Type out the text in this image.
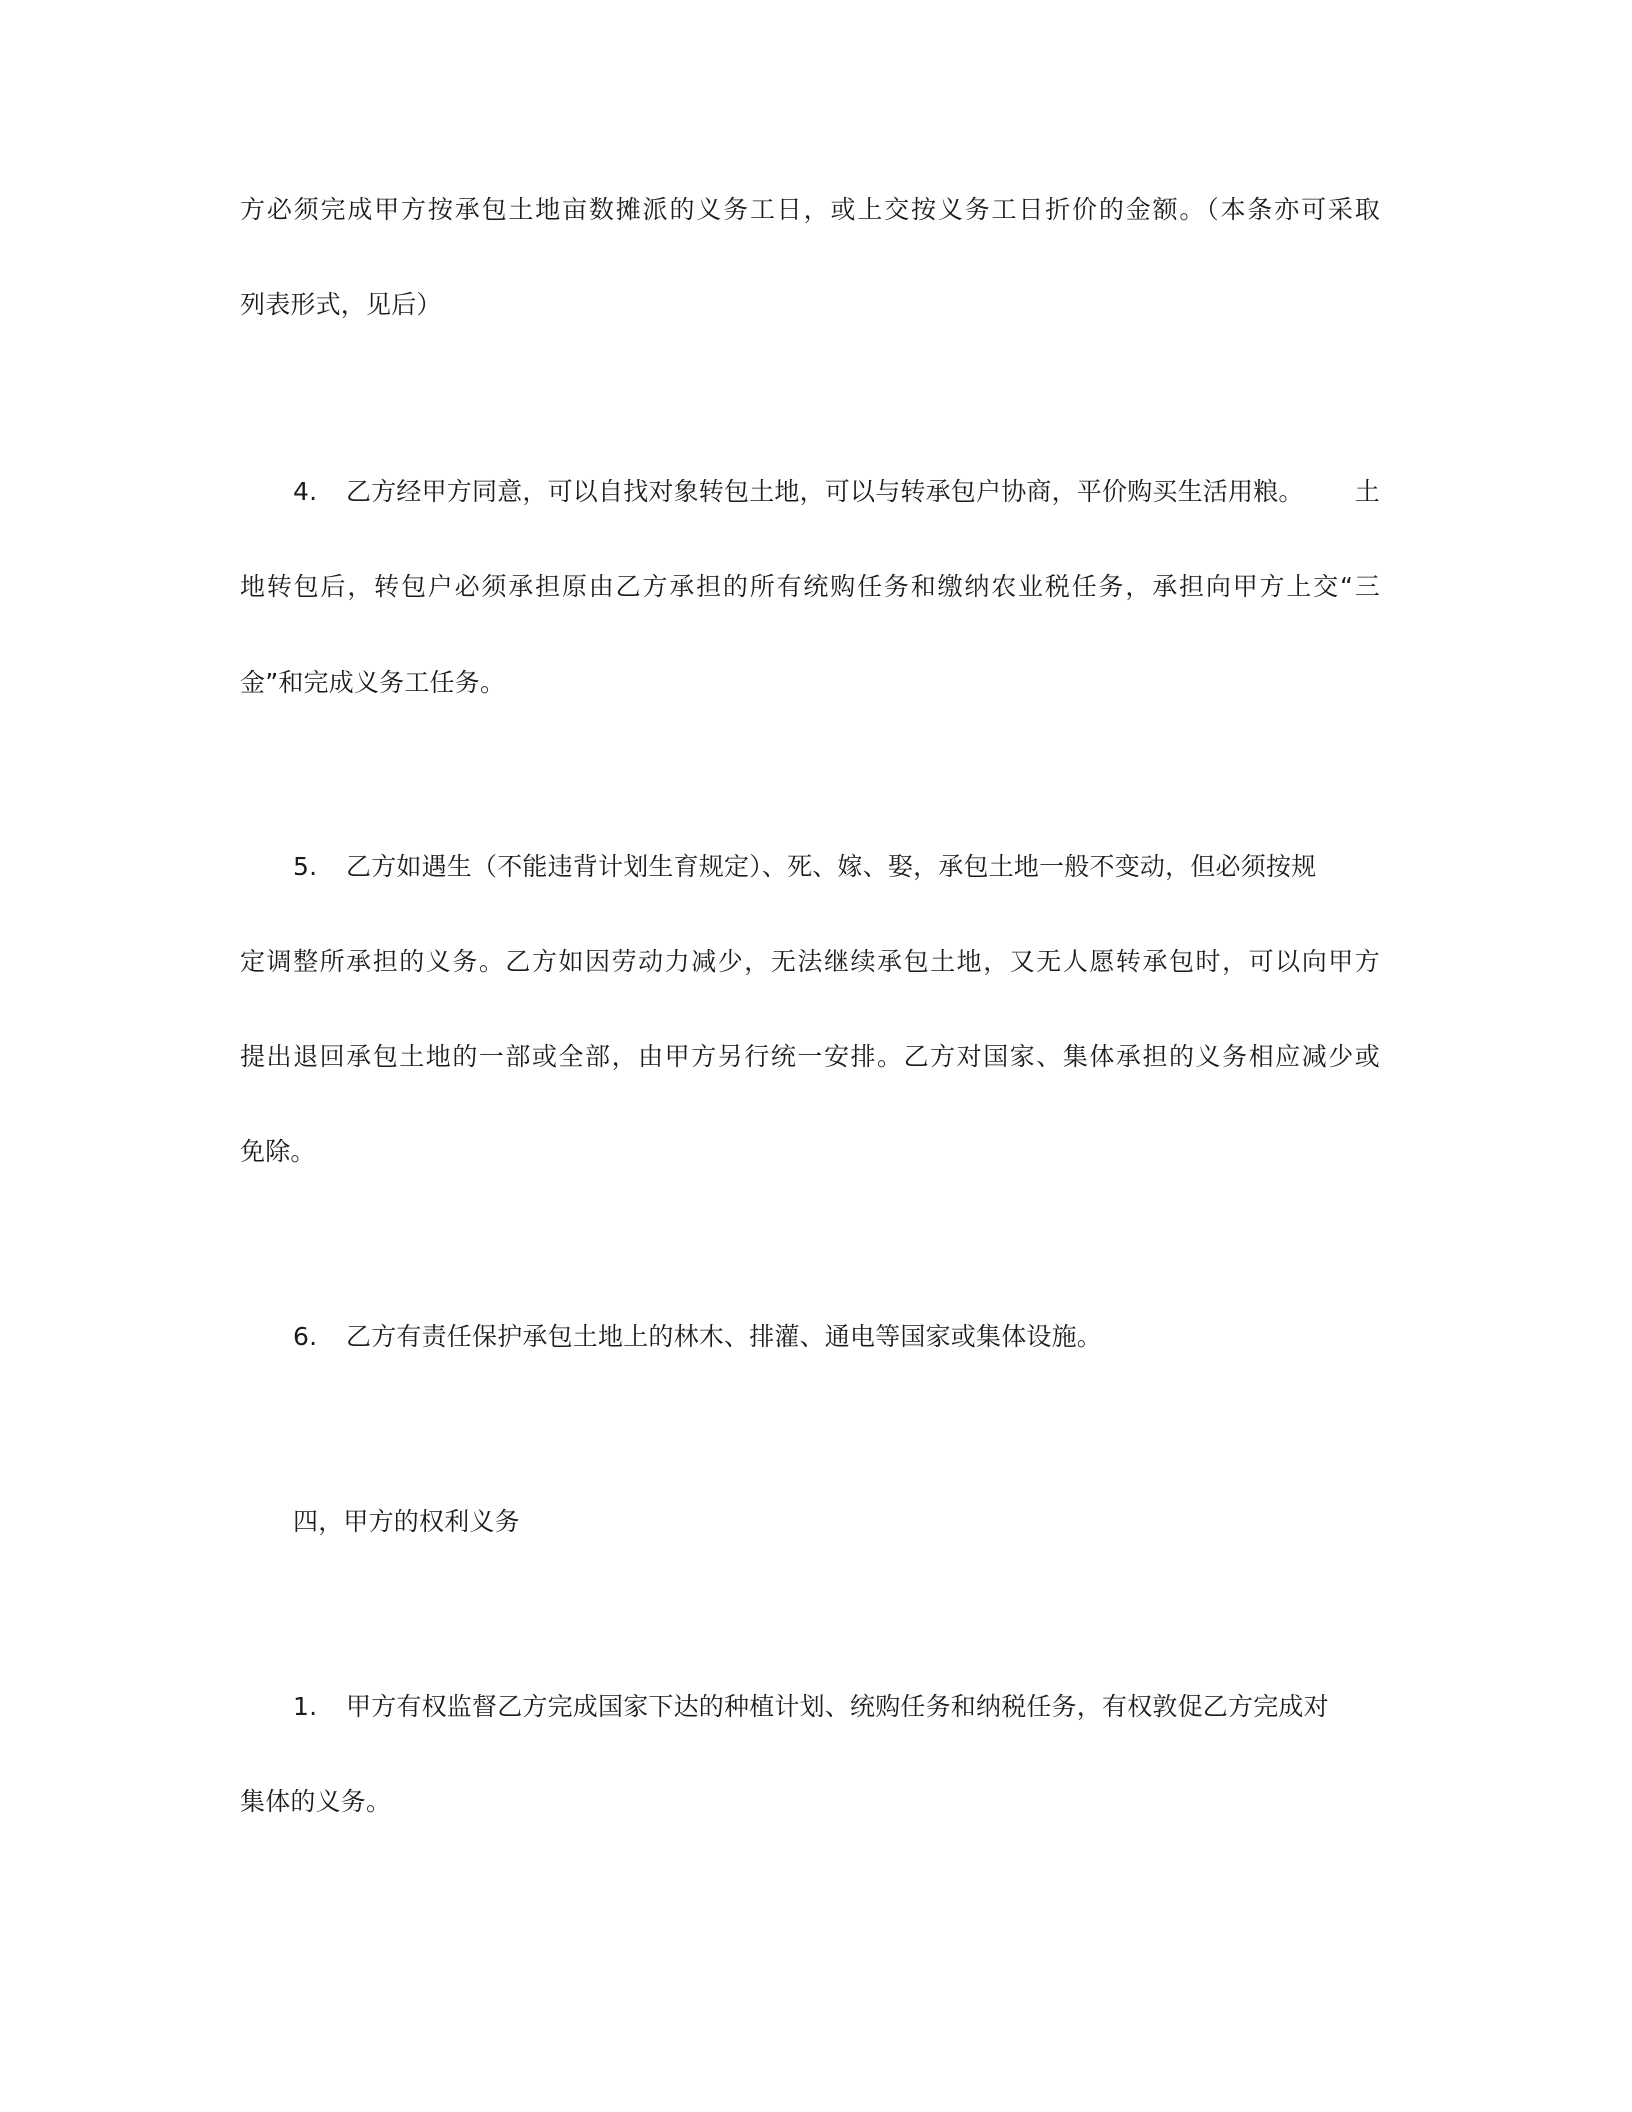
方必须完成甲方按承包土地亩数摊派的义务工日，或上交按义务工日折价的金额。（本条亦可采取
列表形式，见后）
4. 乙方经甲方同意，可以自找对象转包土地，可以与转承包户协商，平价购买生活用粮。 土
地转包后，转包户必须承担原由乙方承担的所有统购任务和缴纳农业税任务，承担向甲方上交“三
金”和完成义务工任务。
5. 乙方如遇生（不能违背计划生育规定）、死、嫁、娶，承包土地一般不变动，但必须按规
定调整所承担的义务。乙方如因劳动力减少，无法继续承包土地，又无人愿转承包时，可以向甲方
提出退回承包土地的一部或全部，由甲方另行统一安排。乙方对国家、集体承担的义务相应减少或
免除。
6. 乙方有责任保护承包土地上的林木、排灌、通电等国家或集体设施。
四，甲方的权利义务
1. 甲方有权监督乙方完成国家下达的种植计划、统购任务和纳税任务，有权敦促乙方完成对
集体的义务。
